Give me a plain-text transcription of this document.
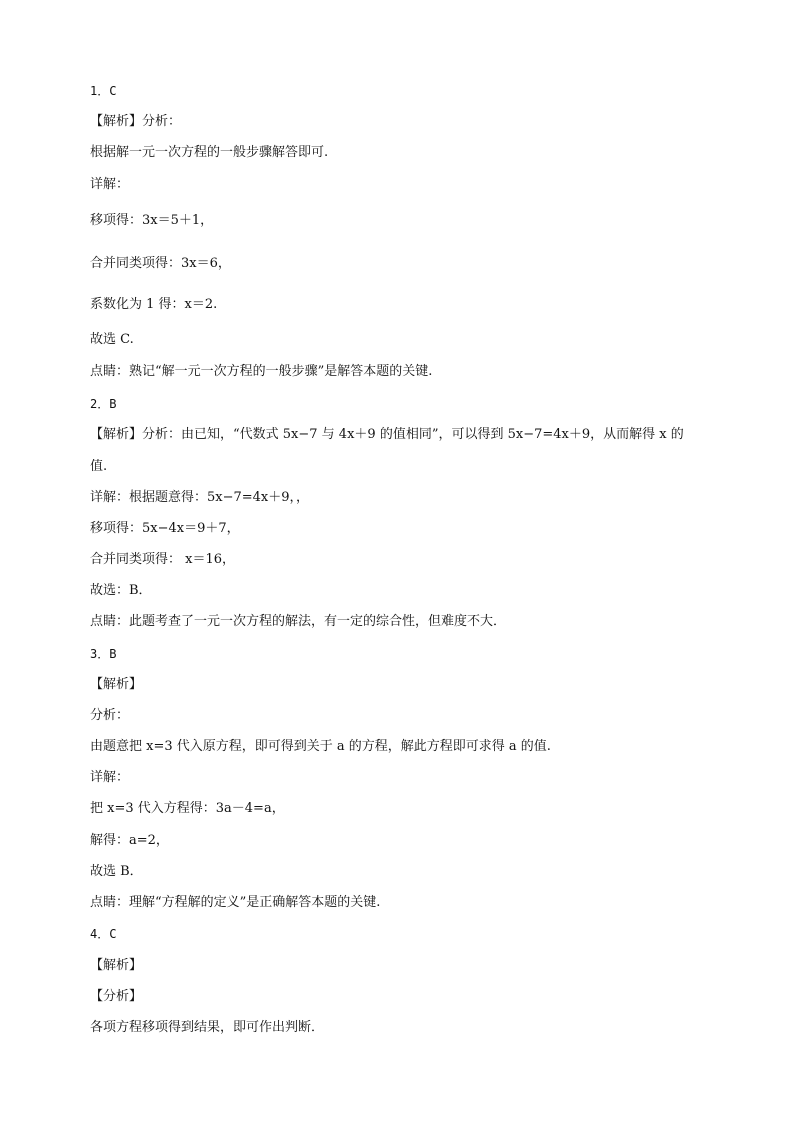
1．C
【解析】分析：
根据解一元一次方程的一般步骤解答即可.
详解：
移项得：3x＝5＋1，
合并同类项得：3x＝6，
系数化为 1 得：x＝2.
故选 C.
点睛：熟记“解一元一次方程的一般步骤”是解答本题的关键.
2．B
【解析】分析：由已知，“代数式 5x−7 与 4x＋9 的值相同”，可以得到 5x−7=4x＋9，从而解得 x 的
值.
详解：根据题意得：5x−7=4x＋9，，
移项得：5x−4x＝9＋7，
合并同类项得： x＝16，
故选：B．
点睛：此题考查了一元一次方程的解法，有一定的综合性，但难度不大．
3．B
【解析】
分析：
由题意把 x=3 代入原方程，即可得到关于 a 的方程，解此方程即可求得 a 的值.
详解：
把 x=3 代入方程得：3a－4=a，
解得：a=2，
故选 B．
点睛：理解“方程解的定义”是正确解答本题的关键.
4．C
【解析】
【分析】
各项方程移项得到结果，即可作出判断．
